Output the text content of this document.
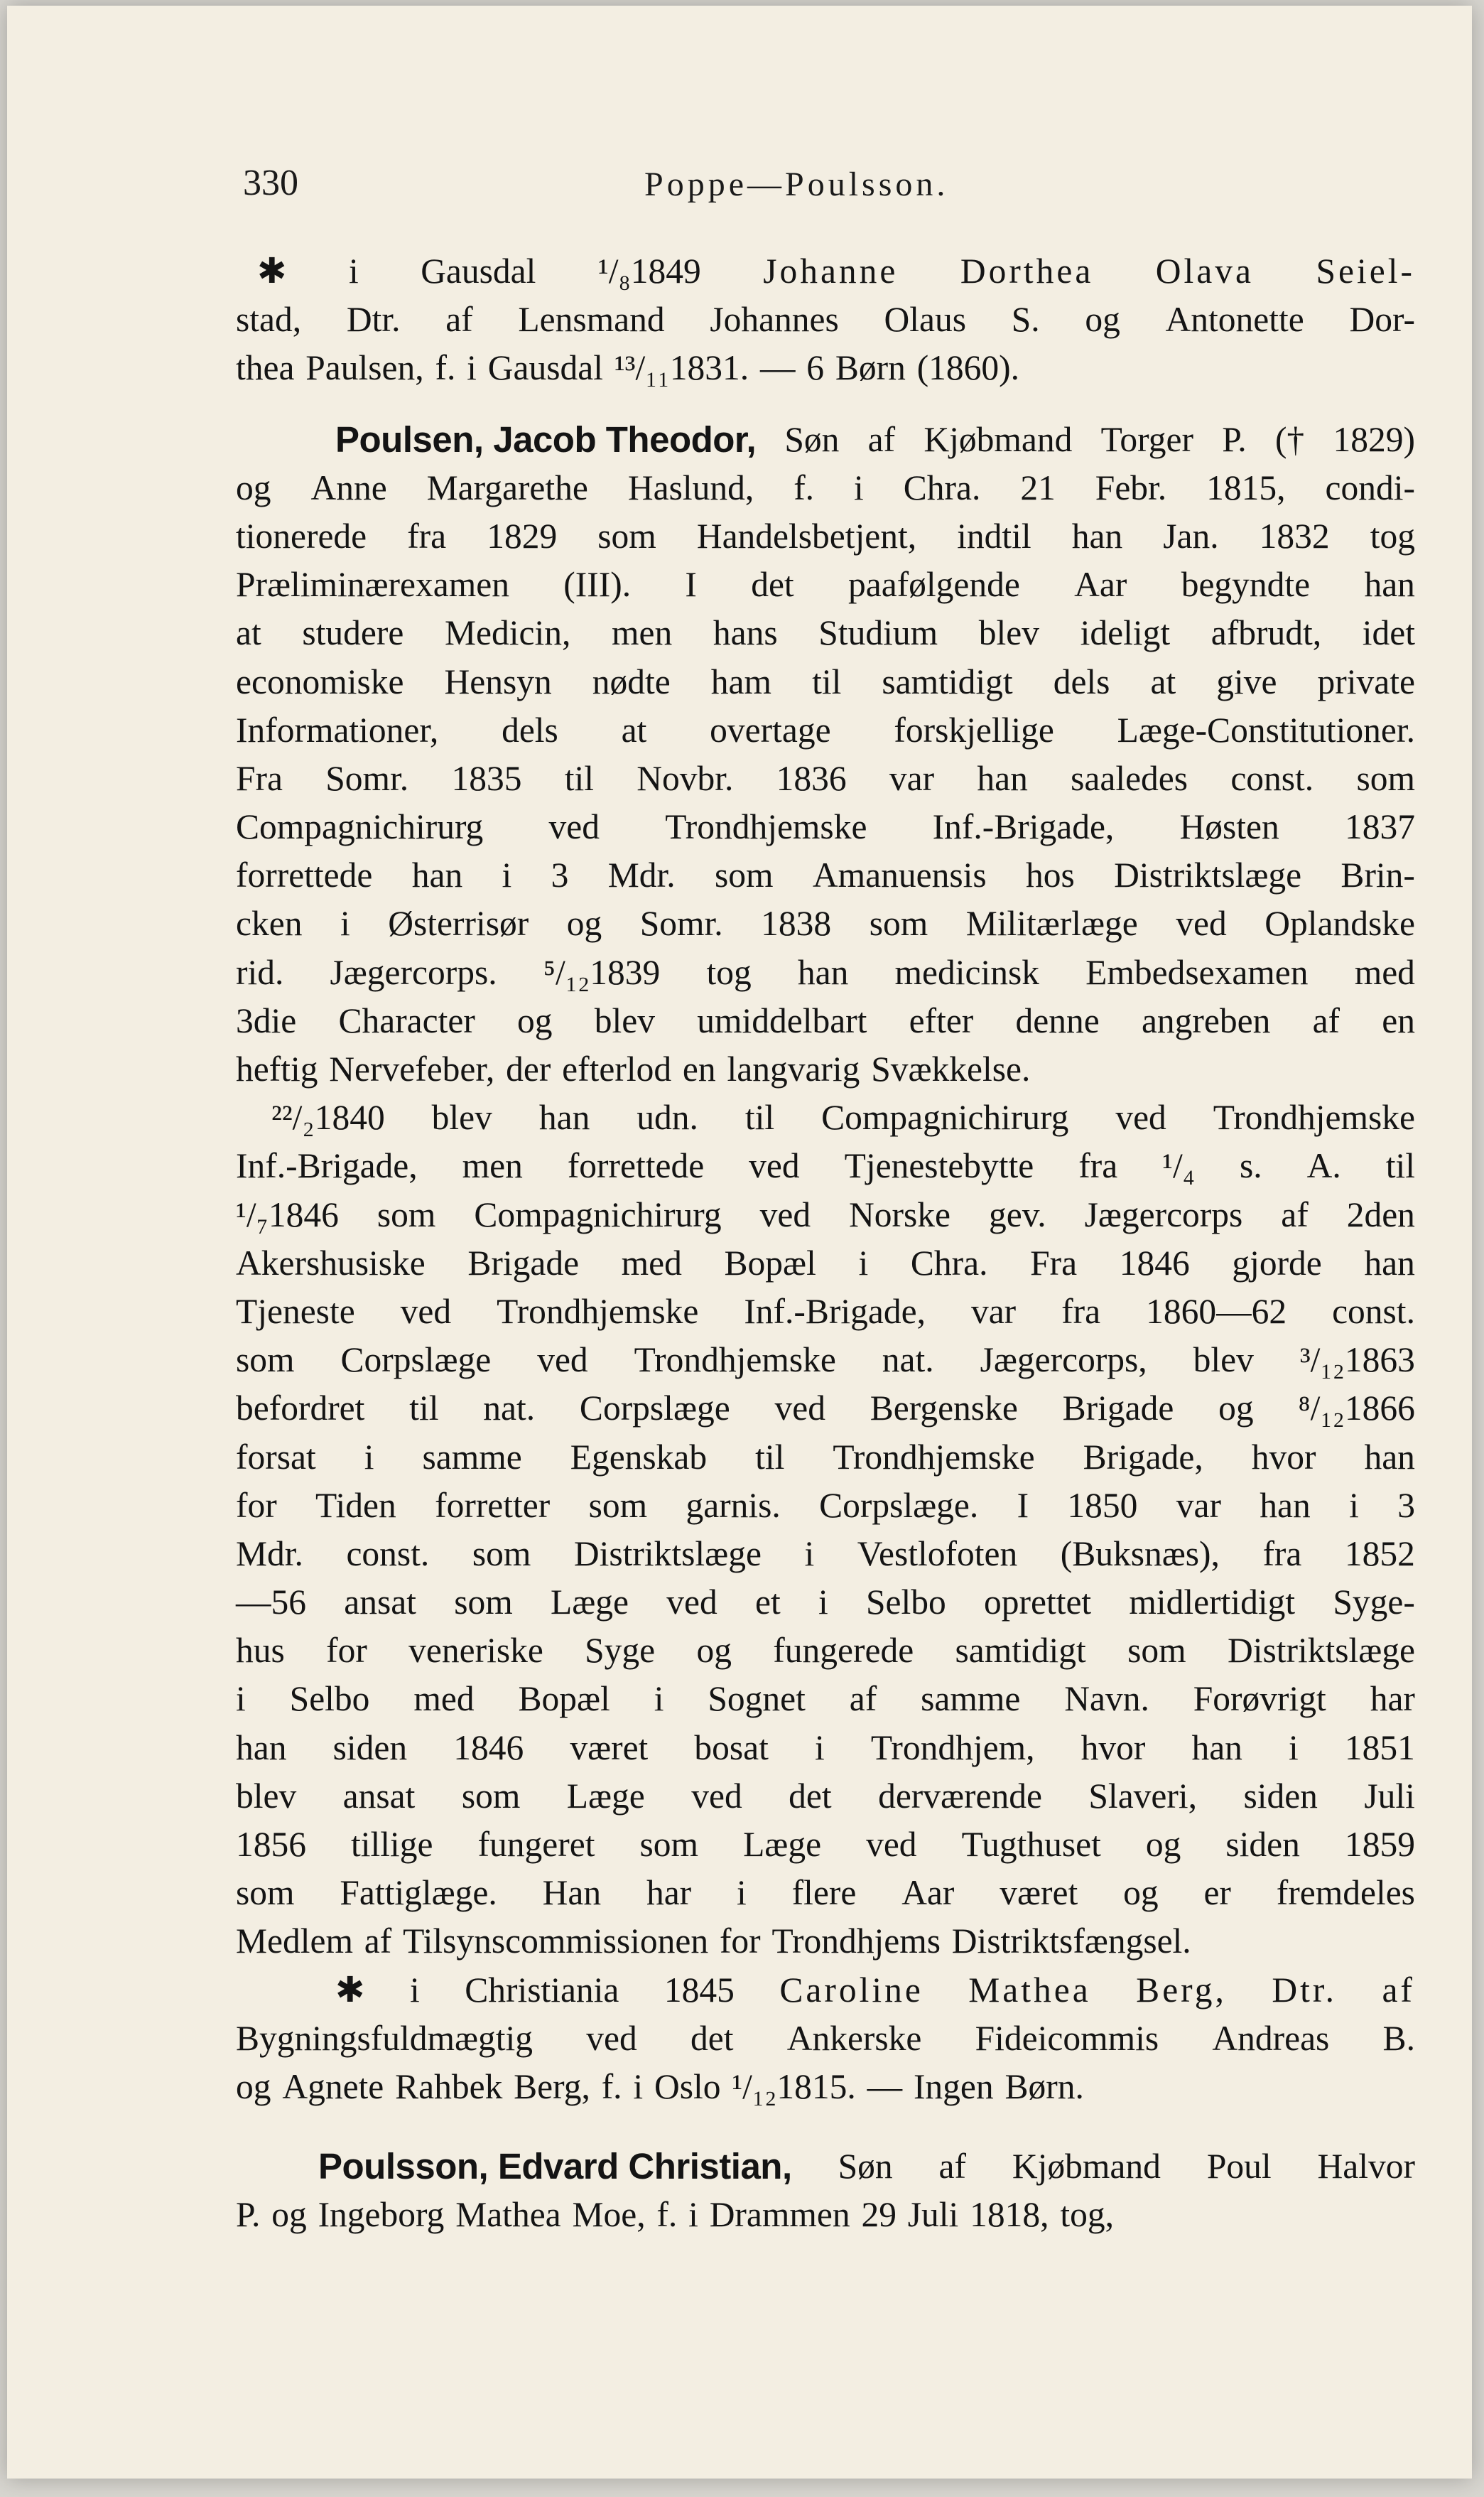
330	Poppe—Poulsson.
✱ i Gausdal ¹/₈1849 Johanne Dorthea Olava Seiel-
stad, Dtr. af Lensmand Johannes Olaus S. og Antonette Dor-
thea Paulsen, f. i Gausdal ¹³/₁₁1831. — 6 Børn (1860).
Poulsen, Jacob Theodor, Søn af Kjøbmand Torger P. († 1829)
og Anne Margarethe Haslund, f. i Chra. 21 Febr. 1815, condi-
tionerede fra 1829 som Handelsbetjent, indtil han Jan. 1832 tog
Præliminærexamen (III). I det paafølgende Aar begyndte han
at studere Medicin, men hans Studium blev ideligt afbrudt, idet
economiske Hensyn nødte ham til samtidigt dels at give private
Informationer, dels at overtage forskjellige Læge-Constitutioner.
Fra Somr. 1835 til Novbr. 1836 var han saaledes const. som
Compagnichirurg ved Trondhjemske Inf.-Brigade, Høsten 1837
forrettede han i 3 Mdr. som Amanuensis hos Distriktslæge Brin-
cken i Østerrisør og Somr. 1838 som Militærlæge ved Oplandske
rid. Jægercorps. ⁵/₁₂1839 tog han medicinsk Embedsexamen med
3die Character og blev umiddelbart efter denne angreben af en
heftig Nervefeber, der efterlod en langvarig Svækkelse.
²²/₂1840 blev han udn. til Compagnichirurg ved Trondhjemske
Inf.-Brigade, men forrettede ved Tjenestebytte fra ¹/₄ s. A. til
¹/₇1846 som Compagnichirurg ved Norske gev. Jægercorps af 2den
Akershusiske Brigade med Bopæl i Chra. Fra 1846 gjorde han
Tjeneste ved Trondhjemske Inf.-Brigade, var fra 1860—62 const.
som Corpslæge ved Trondhjemske nat. Jægercorps, blev ³/₁₂1863
befordret til nat. Corpslæge ved Bergenske Brigade og ⁸/₁₂1866
forsat i samme Egenskab til Trondhjemske Brigade, hvor han
for Tiden forretter som garnis. Corpslæge. I 1850 var han i 3
Mdr. const. som Distriktslæge i Vestlofoten (Buksnæs), fra 1852
—56 ansat som Læge ved et i Selbo oprettet midlertidigt Syge-
hus for veneriske Syge og fungerede samtidigt som Distriktslæge
i Selbo med Bopæl i Sognet af samme Navn. Forøvrigt har
han siden 1846 været bosat i Trondhjem, hvor han i 1851
blev ansat som Læge ved det derværende Slaveri, siden Juli
1856 tillige fungeret som Læge ved Tugthuset og siden 1859
som Fattiglæge. Han har i flere Aar været og er fremdeles
Medlem af Tilsynscommissionen for Trondhjems Distriktsfængsel.
✱ i Christiania 1845 Caroline Mathea Berg, Dtr. af
Bygningsfuldmægtig ved det Ankerske Fideicommis Andreas B.
og Agnete Rahbek Berg, f. i Oslo ¹/₁₂1815. — Ingen Børn.
Poulsson, Edvard Christian, Søn af Kjøbmand Poul Halvor
P. og Ingeborg Mathea Moe, f. i Drammen 29 Juli 1818, tog,
